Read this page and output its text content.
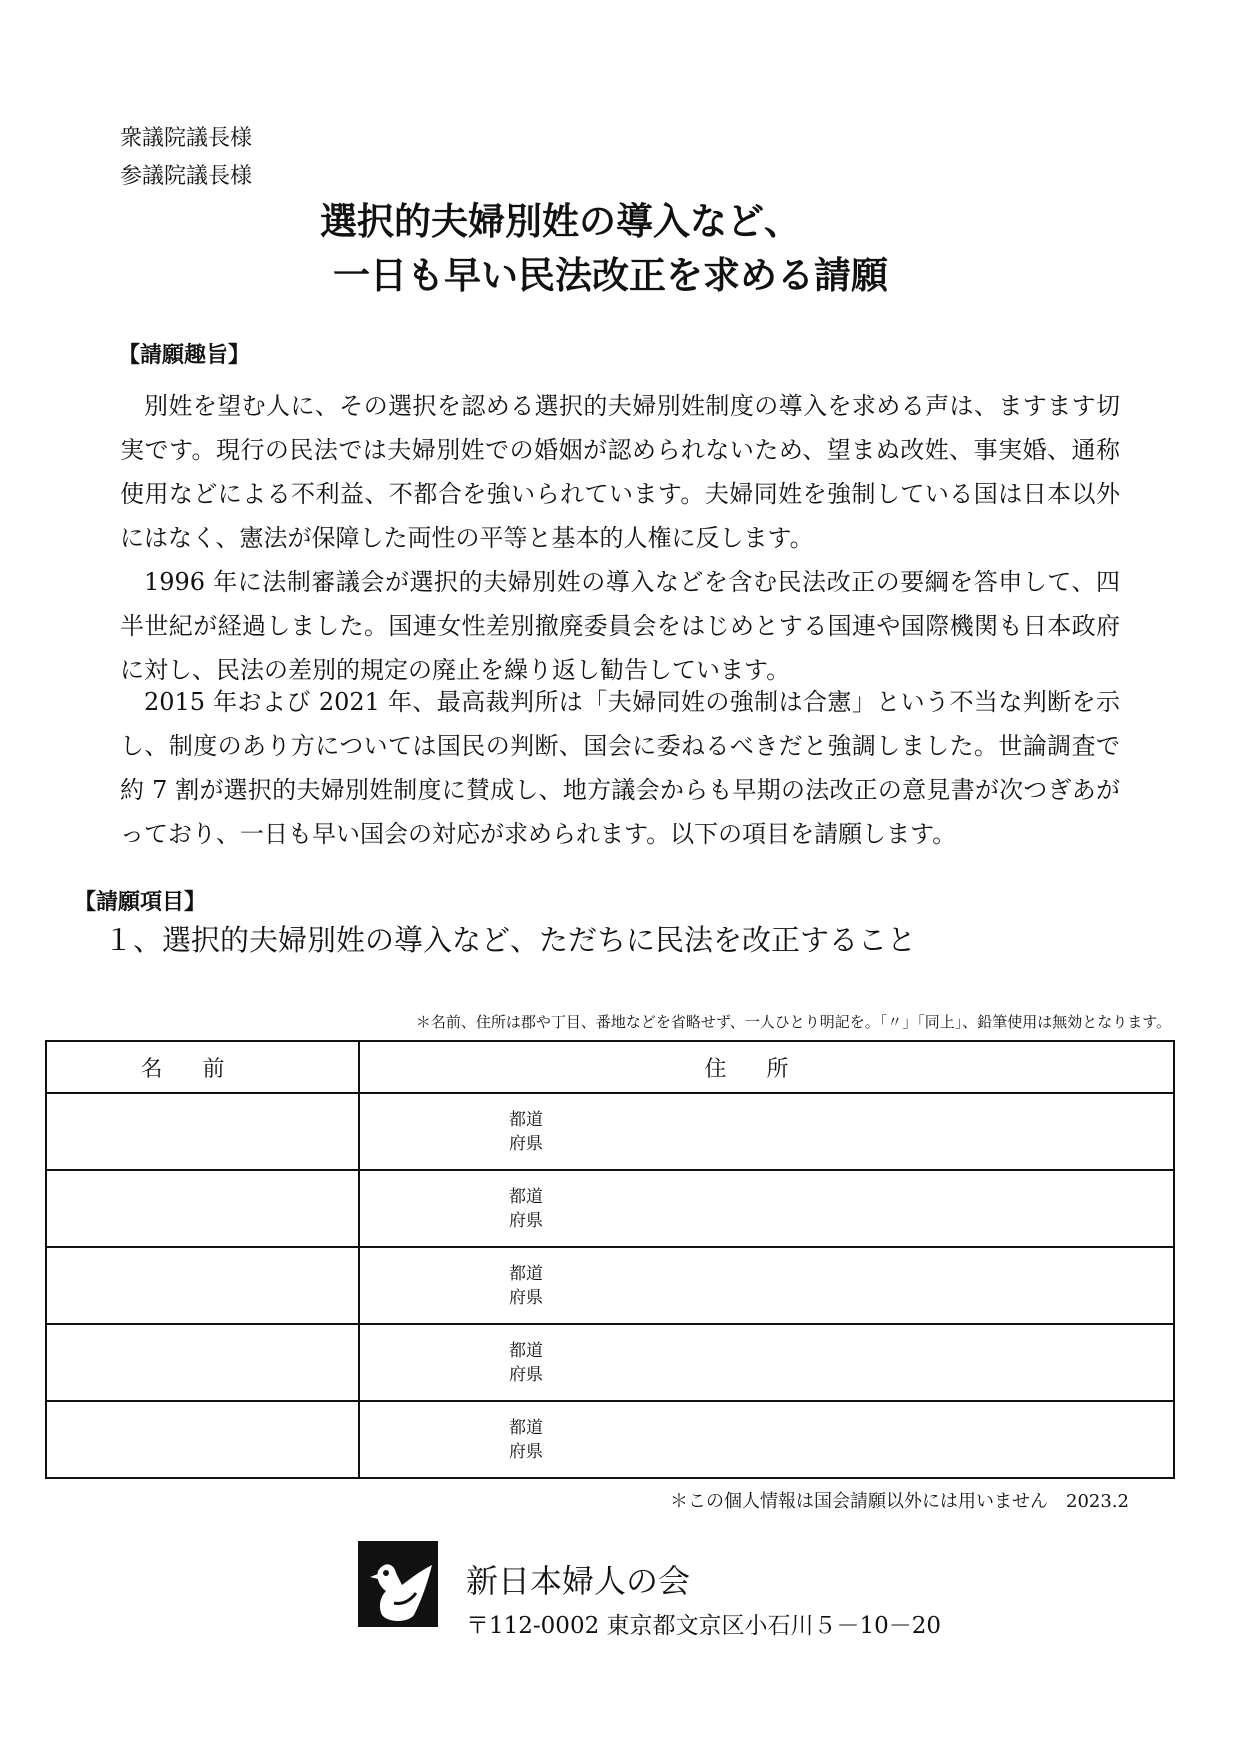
衆議院議長様
参議院議長様
選択的夫婦別姓の導入など、
一日も早い民法改正を求める請願
【請願趣旨】

別姓を望む人に、その選択を認める選択的夫婦別姓制度の導入を求める声は、ますます切実です。現行の民法では夫婦別姓での婚姻が認められないため、望まぬ改姓、事実婚、通称使用などによる不利益、不都合を強いられています。夫婦同姓を強制している国は日本以外にはなく、憲法が保障した両性の平等と基本的人権に反します。

1996 年に法制審議会が選択的夫婦別姓の導入などを含む民法改正の要綱を答申して、四半世紀が経過しました。国連女性差別撤廃委員会をはじめとする国連や国際機関も日本政府に対し、民法の差別的規定の廃止を繰り返し勧告しています。

2015 年および 2021 年、最高裁判所は「夫婦同姓の強制は合憲」という不当な判断を示し、制度のあり方については国民の判断、国会に委ねるべきだと強調しました。世論調査で約 7 割が選択的夫婦別姓制度に賛成し、地方議会からも早期の法改正の意見書が次つぎあがっており、一日も早い国会の対応が求められます。以下の項目を請願します。

【請願項目】
１、選択的夫婦別姓の導入など、ただちに民法を改正すること
＊名前、住所は郡や丁目、番地などを省略せず、一人ひとり明記を。「〃」「同上」、鉛筆使用は無効となります。
名前	住所

	都道
府県

	都道
府県

	都道
府県

	都道
府県

	都道
府県
＊この個人情報は国会請願以外には用いません　2023.2
新日本婦人の会
〒112-0002 東京都文京区小石川５－10－20
